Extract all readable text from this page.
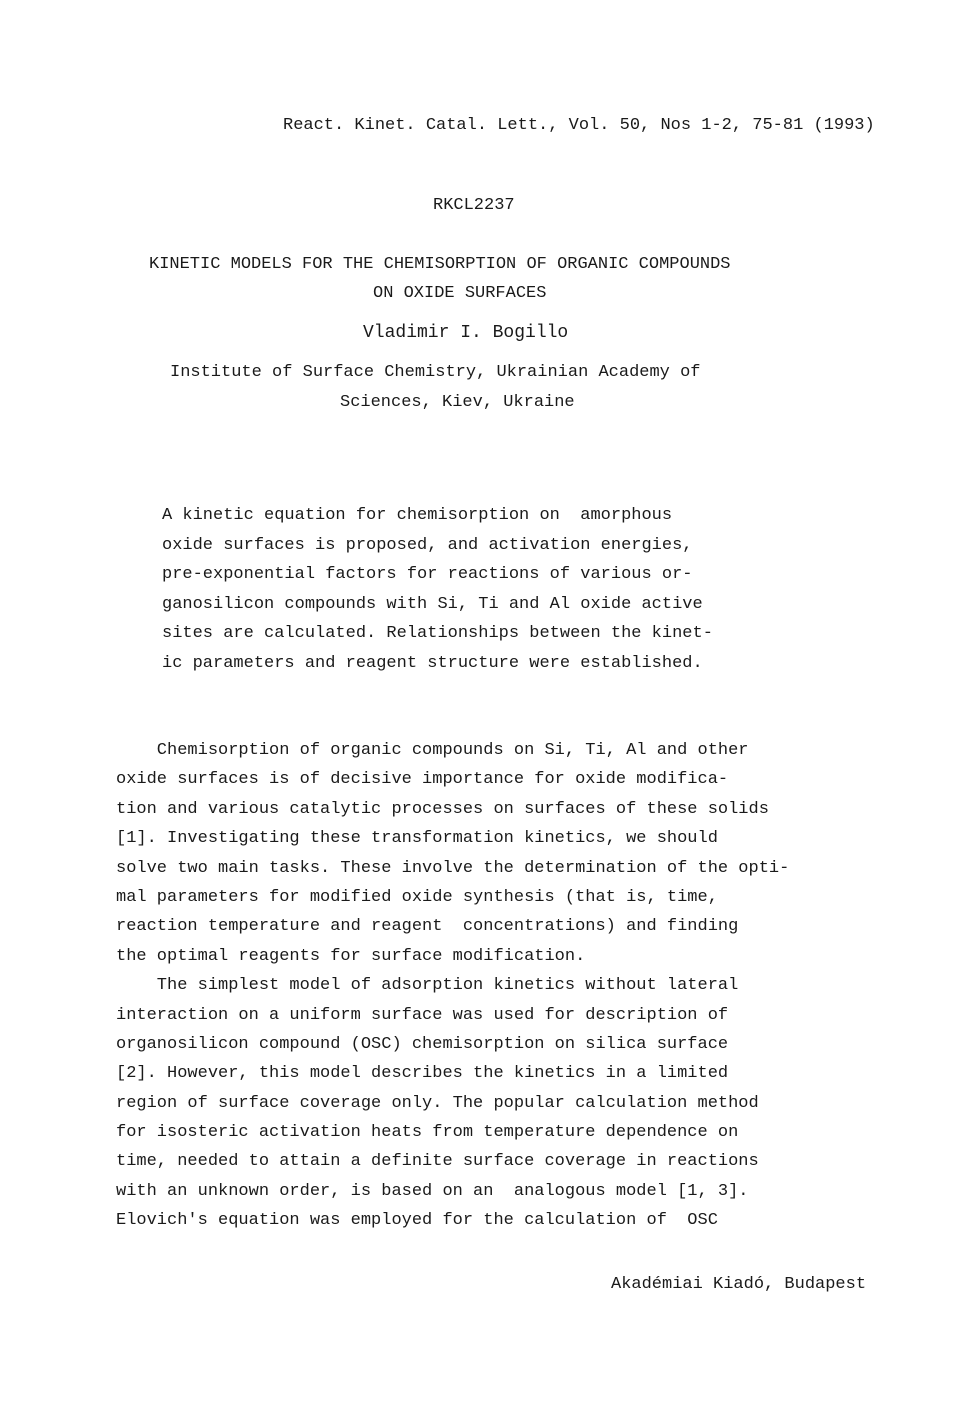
React. Kinet. Catal. Lett., Vol. 50, Nos 1-2, 75-81 (1993)
RKCL2237
KINETIC MODELS FOR THE CHEMISORPTION OF ORGANIC COMPOUNDS
ON OXIDE SURFACES
Vladimir I. Bogillo
Institute of Surface Chemistry, Ukrainian Academy of
Sciences, Kiev, Ukraine
A kinetic equation for chemisorption on  amorphous
oxide surfaces is proposed, and activation energies,
pre-exponential factors for reactions of various or-
ganosilicon compounds with Si, Ti and Al oxide active
sites are calculated. Relationships between the kinet-
ic parameters and reagent structure were established.
Chemisorption of organic compounds on Si, Ti, Al and other
oxide surfaces is of decisive importance for oxide modifica-
tion and various catalytic processes on surfaces of these solids
[1]. Investigating these transformation kinetics, we should
solve two main tasks. These involve the determination of the opti-
mal parameters for modified oxide synthesis (that is, time,
reaction temperature and reagent  concentrations) and finding
the optimal reagents for surface modification.
The simplest model of adsorption kinetics without lateral
interaction on a uniform surface was used for description of
organosilicon compound (OSC) chemisorption on silica surface
[2]. However, this model describes the kinetics in a limited
region of surface coverage only. The popular calculation method
for isosteric activation heats from temperature dependence on
time, needed to attain a definite surface coverage in reactions
with an unknown order, is based on an  analogous model [1, 3].
Elovich's equation was employed for the calculation of  OSC
Akadémiai Kiadó, Budapest
